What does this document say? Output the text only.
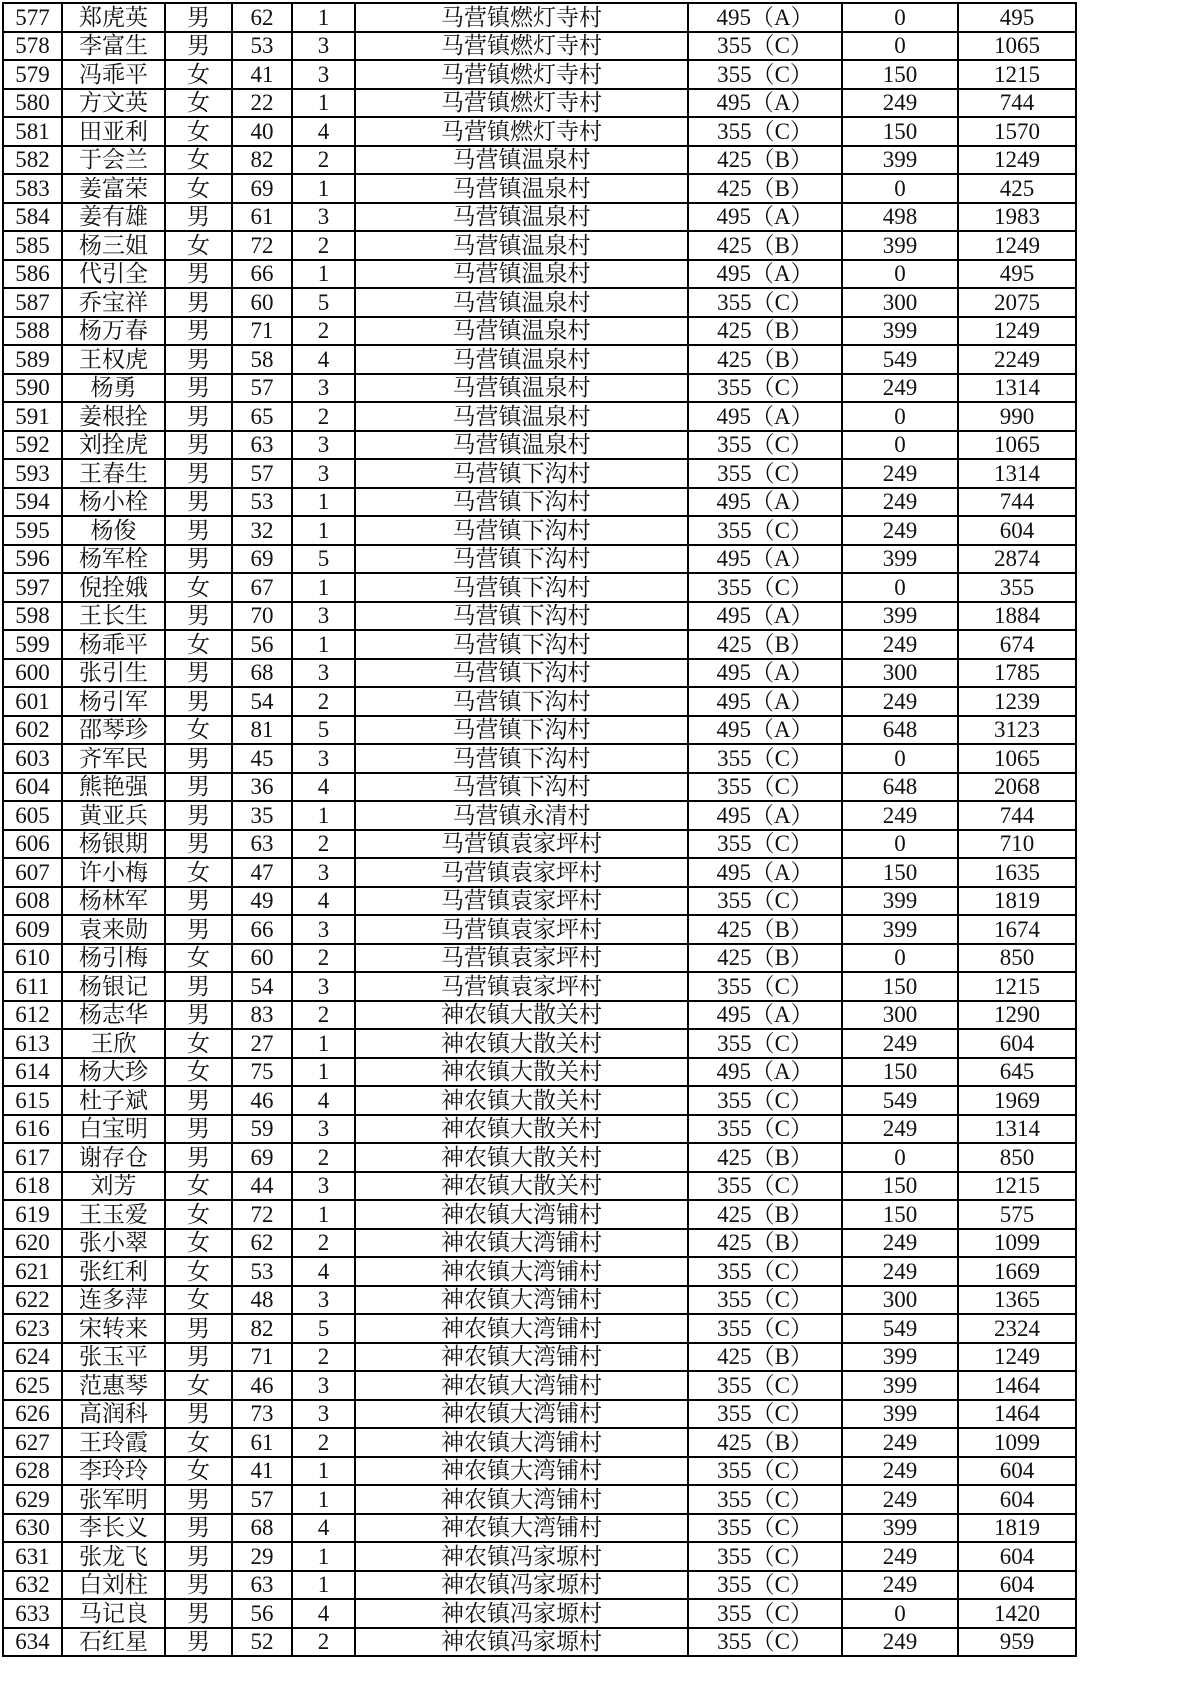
577	郑虎英	男	62	1	马营镇燃灯寺村	495（A）	0	495
578	李富生	男	53	3	马营镇燃灯寺村	355（C）	0	1065
579	冯乖平	女	41	3	马营镇燃灯寺村	355（C）	150	1215
580	方文英	女	22	1	马营镇燃灯寺村	495（A）	249	744
581	田亚利	女	40	4	马营镇燃灯寺村	355（C）	150	1570
582	于会兰	女	82	2	马营镇温泉村	425（B）	399	1249
583	姜富荣	女	69	1	马营镇温泉村	425（B）	0	425
584	姜有雄	男	61	3	马营镇温泉村	495（A）	498	1983
585	杨三姐	女	72	2	马营镇温泉村	425（B）	399	1249
586	代引全	男	66	1	马营镇温泉村	495（A）	0	495
587	乔宝祥	男	60	5	马营镇温泉村	355（C）	300	2075
588	杨万春	男	71	2	马营镇温泉村	425（B）	399	1249
589	王权虎	男	58	4	马营镇温泉村	425（B）	549	2249
590	杨勇	男	57	3	马营镇温泉村	355（C）	249	1314
591	姜根拴	男	65	2	马营镇温泉村	495（A）	0	990
592	刘拴虎	男	63	3	马营镇温泉村	355（C）	0	1065
593	王春生	男	57	3	马营镇下沟村	355（C）	249	1314
594	杨小栓	男	53	1	马营镇下沟村	495（A）	249	744
595	杨俊	男	32	1	马营镇下沟村	355（C）	249	604
596	杨军栓	男	69	5	马营镇下沟村	495（A）	399	2874
597	倪拴娥	女	67	1	马营镇下沟村	355（C）	0	355
598	王长生	男	70	3	马营镇下沟村	495（A）	399	1884
599	杨乖平	女	56	1	马营镇下沟村	425（B）	249	674
600	张引生	男	68	3	马营镇下沟村	495（A）	300	1785
601	杨引军	男	54	2	马营镇下沟村	495（A）	249	1239
602	邵琴珍	女	81	5	马营镇下沟村	495（A）	648	3123
603	齐军民	男	45	3	马营镇下沟村	355（C）	0	1065
604	熊艳强	男	36	4	马营镇下沟村	355（C）	648	2068
605	黄亚兵	男	35	1	马营镇永清村	495（A）	249	744
606	杨银期	男	63	2	马营镇袁家坪村	355（C）	0	710
607	许小梅	女	47	3	马营镇袁家坪村	495（A）	150	1635
608	杨林军	男	49	4	马营镇袁家坪村	355（C）	399	1819
609	袁来勋	男	66	3	马营镇袁家坪村	425（B）	399	1674
610	杨引梅	女	60	2	马营镇袁家坪村	425（B）	0	850
611	杨银记	男	54	3	马营镇袁家坪村	355（C）	150	1215
612	杨志华	男	83	2	神农镇大散关村	495（A）	300	1290
613	王欣	女	27	1	神农镇大散关村	355（C）	249	604
614	杨大珍	女	75	1	神农镇大散关村	495（A）	150	645
615	杜子斌	男	46	4	神农镇大散关村	355（C）	549	1969
616	白宝明	男	59	3	神农镇大散关村	355（C）	249	1314
617	谢存仓	男	69	2	神农镇大散关村	425（B）	0	850
618	刘芳	女	44	3	神农镇大散关村	355（C）	150	1215
619	王玉爱	女	72	1	神农镇大湾铺村	425（B）	150	575
620	张小翠	女	62	2	神农镇大湾铺村	425（B）	249	1099
621	张红利	女	53	4	神农镇大湾铺村	355（C）	249	1669
622	连多萍	女	48	3	神农镇大湾铺村	355（C）	300	1365
623	宋转来	男	82	5	神农镇大湾铺村	355（C）	549	2324
624	张玉平	男	71	2	神农镇大湾铺村	425（B）	399	1249
625	范惠琴	女	46	3	神农镇大湾铺村	355（C）	399	1464
626	高润科	男	73	3	神农镇大湾铺村	355（C）	399	1464
627	王玲霞	女	61	2	神农镇大湾铺村	425（B）	249	1099
628	李玲玲	女	41	1	神农镇大湾铺村	355（C）	249	604
629	张军明	男	57	1	神农镇大湾铺村	355（C）	249	604
630	李长义	男	68	4	神农镇大湾铺村	355（C）	399	1819
631	张龙飞	男	29	1	神农镇冯家塬村	355（C）	249	604
632	白刘柱	男	63	1	神农镇冯家塬村	355（C）	249	604
633	马记良	男	56	4	神农镇冯家塬村	355（C）	0	1420
634	石红星	男	52	2	神农镇冯家塬村	355（C）	249	959
